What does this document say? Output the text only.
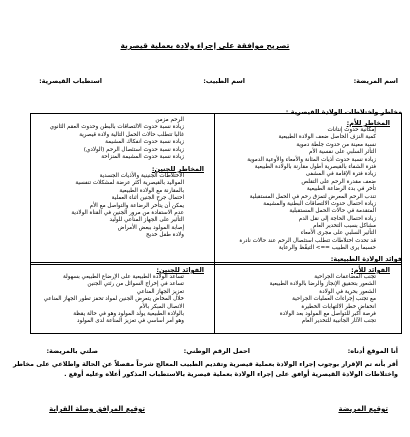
تصريح موافقة على إجراء ولادة بعملية قيصرية
اسم المريضة:
اسم الطبيب:
استطباب القيصرية:
مخاطر واختلاطات الولادة القيصرية :
المخاطر للأم:
إمكانية حدوث إنتانات
كمية النزف الحاصل ضعف الولادة الطبيعية
نسبة معينة من حدوث جلطة دموية
التأثر السلبي على نفسية الأم
زيادة نسبة حدوث أذيات المثانة والأمعاء والأوعية الدموية
فترة الشفاء بالقيصرية أطول مقارنة بالولادة الطبيعية
زيادة فترة الإقامة في المشفى
ضعف مقدرة الرحم على التقلص
تأخر في بدء الرضاعة الطبيعية
تندب الرحم المعرض لتمزق رحم في الحمل المستقبلية
زيادة احتمال حدوث الالتصاقات البطنية والمشيمة
المتقدمة في حالات الحمل المستقبلية
زيادة احتمال الحاجة إلى نقل الدم
مشاكل بسبب التخدير العام
التأثير السلبي على مجرى الأمعاء
قد تحدث اختلاطات تتطلب استئصال الرحم عند حالات نادرة
حسبما يرى الطبيب ==> التيقّظ والرعاية
الرحم مزمن
زيادة نسبة حدوث الالتصاقات بالبطن وحدوث العقم الثانوي
غالبا تتطلب حالات الحمل التالية ولادة قيصرية
زيادة نسبة حدوث انفكاك المشيمة
زيادة نسبة حدوث استئصال الرحم (الولادي)
زيادة نسبة حدوث المشيمة المنزاحة
المخاطر للجنين:
الاختلاطات الجنينية والأذيات الجسدية
المواليد بالقيصرية أكثر عرضة لمشكلات تنفسية
بالمقارنة مع الولادة الطبيعية
احتمال جرح الجنين أثناء العملية
يمكن أن يتأخر الرضاعة والتواصل مع الأم
عدم الاستفادة من مرور الجنين في القناة الولادية
التأثير على الجهاز المناعي للوليد
إصابة المولود ببعض الأمراض
ولادة طفل خديج
فوائد الولادة الطبيعية:
الفوائد للأم:
تجنب المضاعفات الجراحية
الشعور بتحقيق الإنجاز والرضا بالولادة الطبيعية
الشعور بحرية في الولادة
مع تجنب إجراءات العمليات الجراحية
انخفاض خطر الالتهابات الخطيرة
فرصة أكبر للتواصل مع المولود بعد الولادة
تجنب الآثار الجانبية للتخدير العام
الفوائد للجنين:
تساعد الولادة الطبيعية على الإرضاع الطبيعي بسهولة
تساعد في إخراج السوائل من رئتي الجنين
تعزيز الجهاز المناعي
خلال المخاض يتعرض الجنين لمواد تحفز تطور الجهاز المناعي
الاتصال المبكر بالأم
بالولادة الطبيعية يولد المولود وهو في حالة يقظة
وهو أمر أساسي في تعزيز المناعة لدى المولود
أنا الموقع أدناه:
احمل الرقم الوطني:
صلتي بالمريضة:
أقر بأنه تم الإقرار بوجوب إجراء الولادة بعملية قيصرية وتقديم الطبيب المعالج شرحاً مفصلاً عن الحالة واطلاعي على مخاطر واختلاطات الولادة القيصرية أوافق على إجراء الولادة بعملية قيصرية بالاستطباب المذكور أعلاه وعليه أوقع .
توقيع المريضة
توقيع المرافق وصلة القرابة
